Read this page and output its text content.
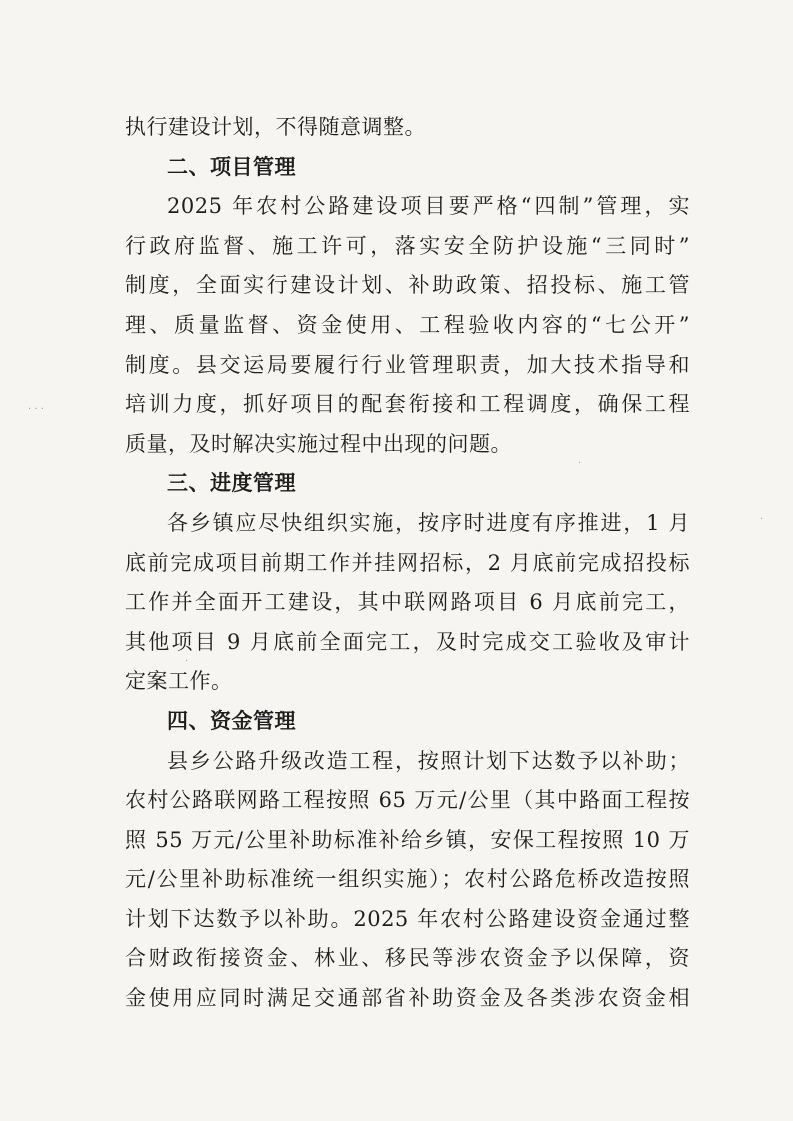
执行建设计划，不得随意调整。
二、项目管理
2025 年农村公路建设项目要严格“四制”管理，实
行政府监督、施工许可，落实安全防护设施“三同时”
制度，全面实行建设计划、补助政策、招投标、施工管
理、质量监督、资金使用、工程验收内容的“七公开”
制度。县交运局要履行行业管理职责，加大技术指导和
培训力度，抓好项目的配套衔接和工程调度，确保工程
质量，及时解决实施过程中出现的问题。
三、进度管理
各乡镇应尽快组织实施，按序时进度有序推进，1 月
底前完成项目前期工作并挂网招标，2 月底前完成招投标
工作并全面开工建设，其中联网路项目 6 月底前完工，
其他项目 9 月底前全面完工，及时完成交工验收及审计
定案工作。
四、资金管理
县乡公路升级改造工程，按照计划下达数予以补助；
农村公路联网路工程按照 65 万元/公里（其中路面工程按
照 55 万元/公里补助标准补给乡镇，安保工程按照 10 万
元/公里补助标准统一组织实施）；农村公路危桥改造按照
计划下达数予以补助。2025 年农村公路建设资金通过整
合财政衔接资金、林业、移民等涉农资金予以保障，资
金使用应同时满足交通部省补助资金及各类涉农资金相
· · ·
·
·
·
